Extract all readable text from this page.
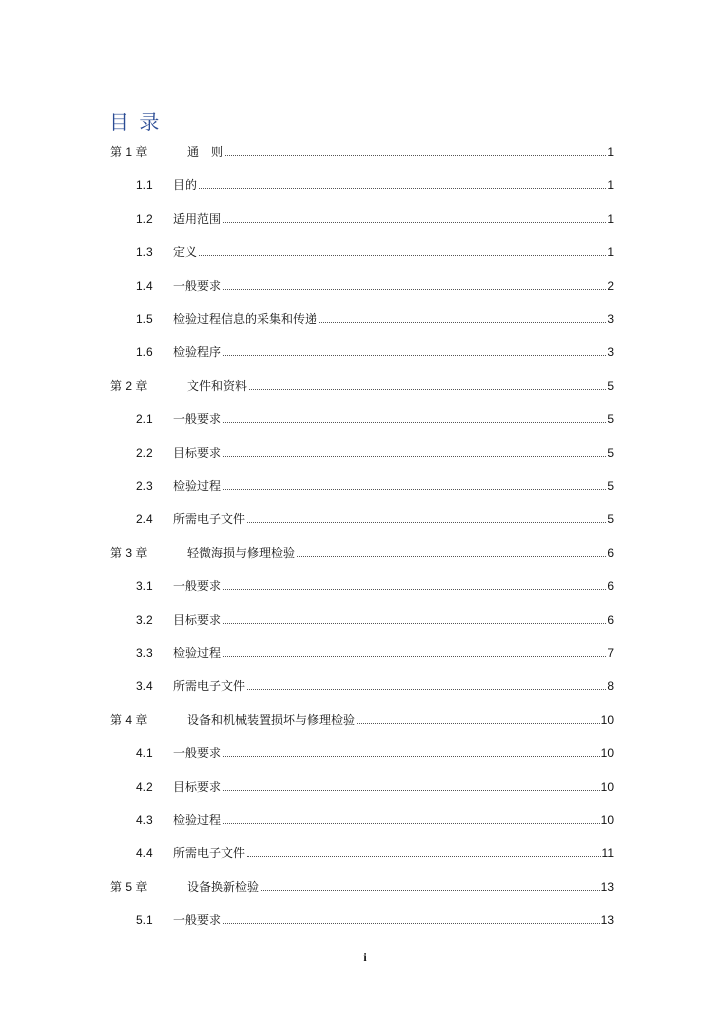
目 录
第 1 章	通　则	1
1.1	目的	1
1.2	适用范围	1
1.3	定义	1
1.4	一般要求	2
1.5	检验过程信息的采集和传递	3
1.6	检验程序	3
第 2 章	文件和资料	5
2.1	一般要求	5
2.2	目标要求	5
2.3	检验过程	5
2.4	所需电子文件	5
第 3 章	轻微海损与修理检验	6
3.1	一般要求	6
3.2	目标要求	6
3.3	检验过程	7
3.4	所需电子文件	8
第 4 章	设备和机械装置损坏与修理检验	10
4.1	一般要求	10
4.2	目标要求	10
4.3	检验过程	10
4.4	所需电子文件	11
第 5 章	设备换新检验	13
5.1	一般要求	13
i
